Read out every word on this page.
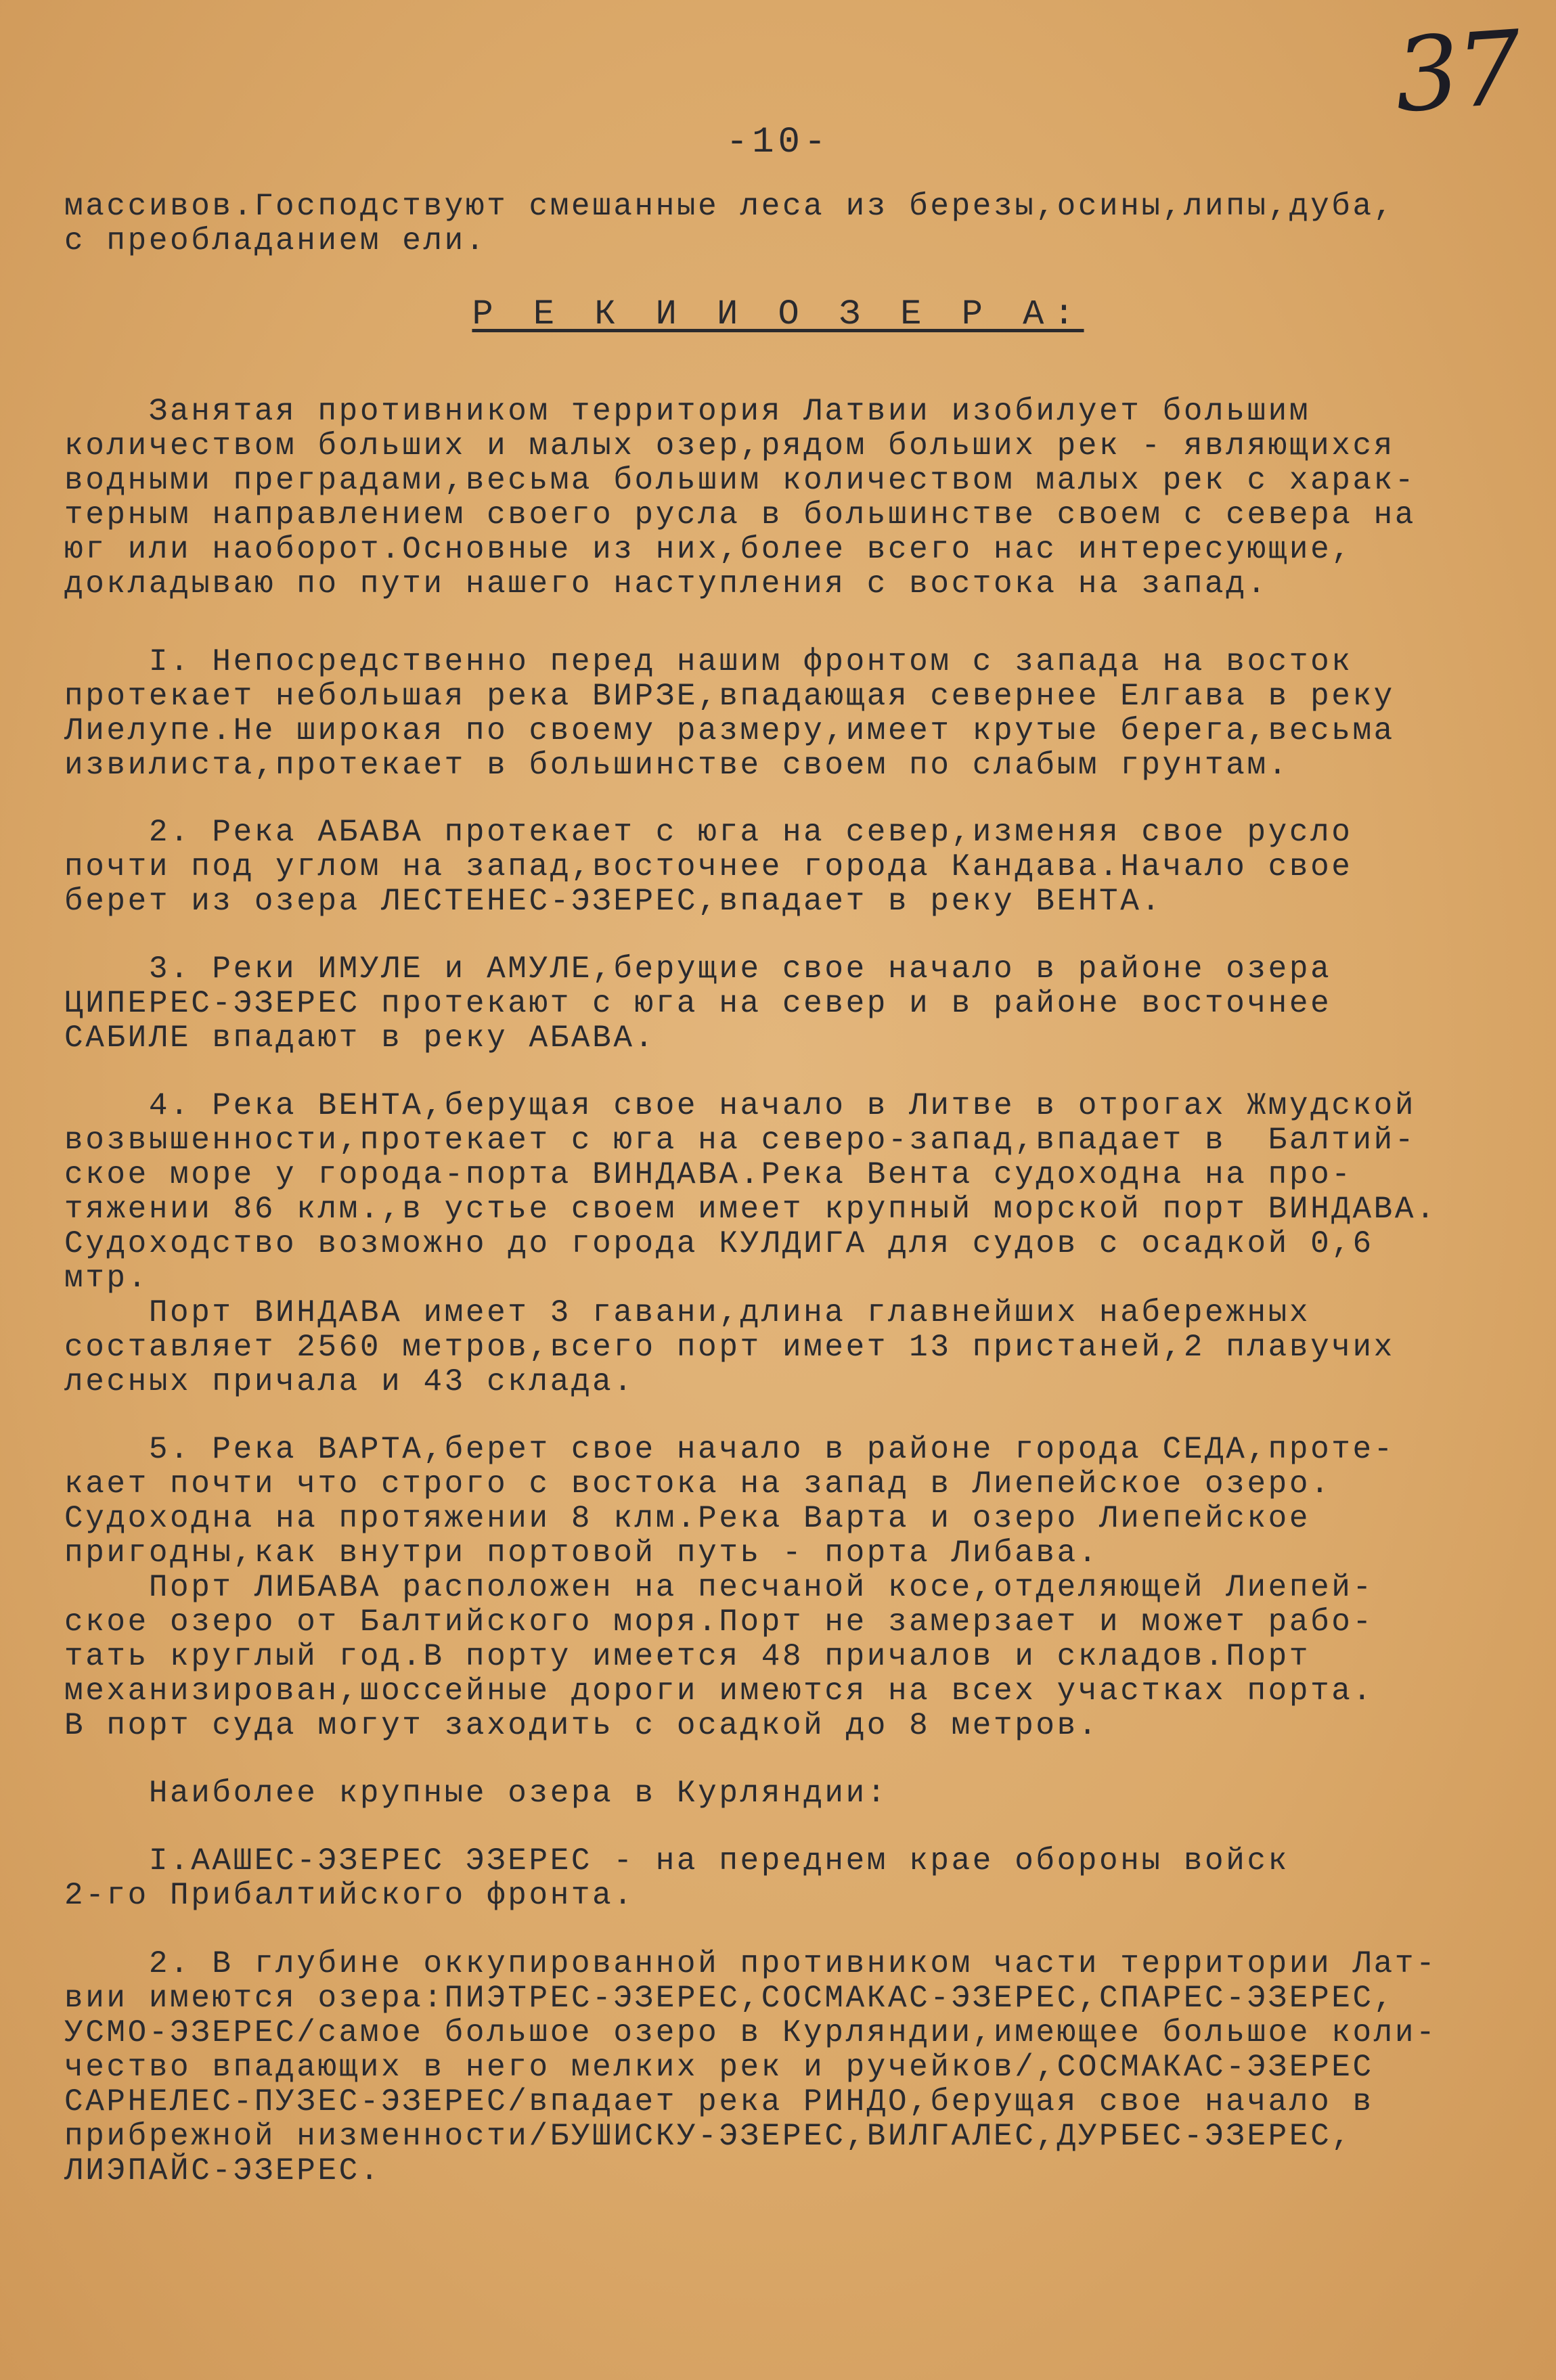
37
-10-
массивов.Господствуют смешанные леса из березы,осины,липы,дуба,
с преобладанием ели.
Р Е К И И О З Е Р А:
Занятая противником территория Латвии изобилует большим
количеством больших и малых озер,рядом больших рек - являющихся
водными преградами,весьма большим количеством малых рек с харак-
терным направлением своего русла в большинстве своем с севера на
юг или наоборот.Основные из них,более всего нас интересующие,
докладываю по пути нашего наступления с востока на запад.
I. Непосредственно перед нашим фронтом с запада на восток
протекает небольшая река ВИРЗЕ,впадающая севернее Елгава в реку
Лиелупе.Не широкая по своему размеру,имеет крутые берега,весьма
извилиста,протекает в большинстве своем по слабым грунтам.
2. Река АБАВА протекает с юга на север,изменяя свое русло
почти под углом на запад,восточнее города Кандава.Начало свое
берет из озера ЛЕСТЕНЕС-ЭЗЕРЕС,впадает в реку ВЕНТА.
3. Реки ИМУЛЕ и АМУЛЕ,берущие свое начало в районе озера
ЦИПЕРЕС-ЭЗЕРЕС протекают с юга на север и в районе восточнее
САБИЛЕ впадают в реку АБАВА.
4. Река ВЕНТА,берущая свое начало в Литве в отрогах Жмудской
возвышенности,протекает с юга на северо-запад,впадает в  Балтий-
ское море у города-порта ВИНДАВА.Река Вента судоходна на про-
тяжении 86 клм.,в устье своем имеет крупный морской порт ВИНДАВА.
Судоходство возможно до города КУЛДИГА для судов с осадкой 0,6
мтр.
Порт ВИНДАВА имеет 3 гавани,длина главнейших набережных
составляет 2560 метров,всего порт имеет 13 пристаней,2 плавучих
лесных причала и 43 склада.
5. Река ВАРТА,берет свое начало в районе города СЕДА,проте-
кает почти что строго с востока на запад в Лиепейское озеро.
Судоходна на протяжении 8 клм.Река Варта и озеро Лиепейское
пригодны,как внутри портовой путь - порта Либава.
Порт ЛИБАВА расположен на песчаной косе,отделяющей Лиепей-
ское озеро от Балтийского моря.Порт не замерзает и может рабо-
тать круглый год.В порту имеется 48 причалов и складов.Порт
механизирован,шоссейные дороги имеются на всех участках порта.
В порт суда могут заходить с осадкой до 8 метров.
Наиболее крупные озера в Курляндии:
I.ААШЕС-ЭЗЕРЕС ЭЗЕРЕС - на переднем крае обороны войск
2-го Прибалтийского фронта.
2. В глубине оккупированной противником части территории Лат-
вии имеются озера:ПИЭТРЕС-ЭЗЕРЕС,СОСМАКАС-ЭЗЕРЕС,СПАРЕС-ЭЗЕРЕС,
УСМО-ЭЗЕРЕС/самое большое озеро в Курляндии,имеющее большое коли-
чество впадающих в него мелких рек и ручейков/,СОСМАКАС-ЭЗЕРЕС
САРНЕЛЕС-ПУЗЕС-ЭЗЕРЕС/впадает река РИНДО,берущая свое начало в
прибрежной низменности/БУШИСКУ-ЭЗЕРЕС,ВИЛГАЛЕС,ДУРБЕС-ЭЗЕРЕС,
ЛИЭПАЙС-ЭЗЕРЕС.
